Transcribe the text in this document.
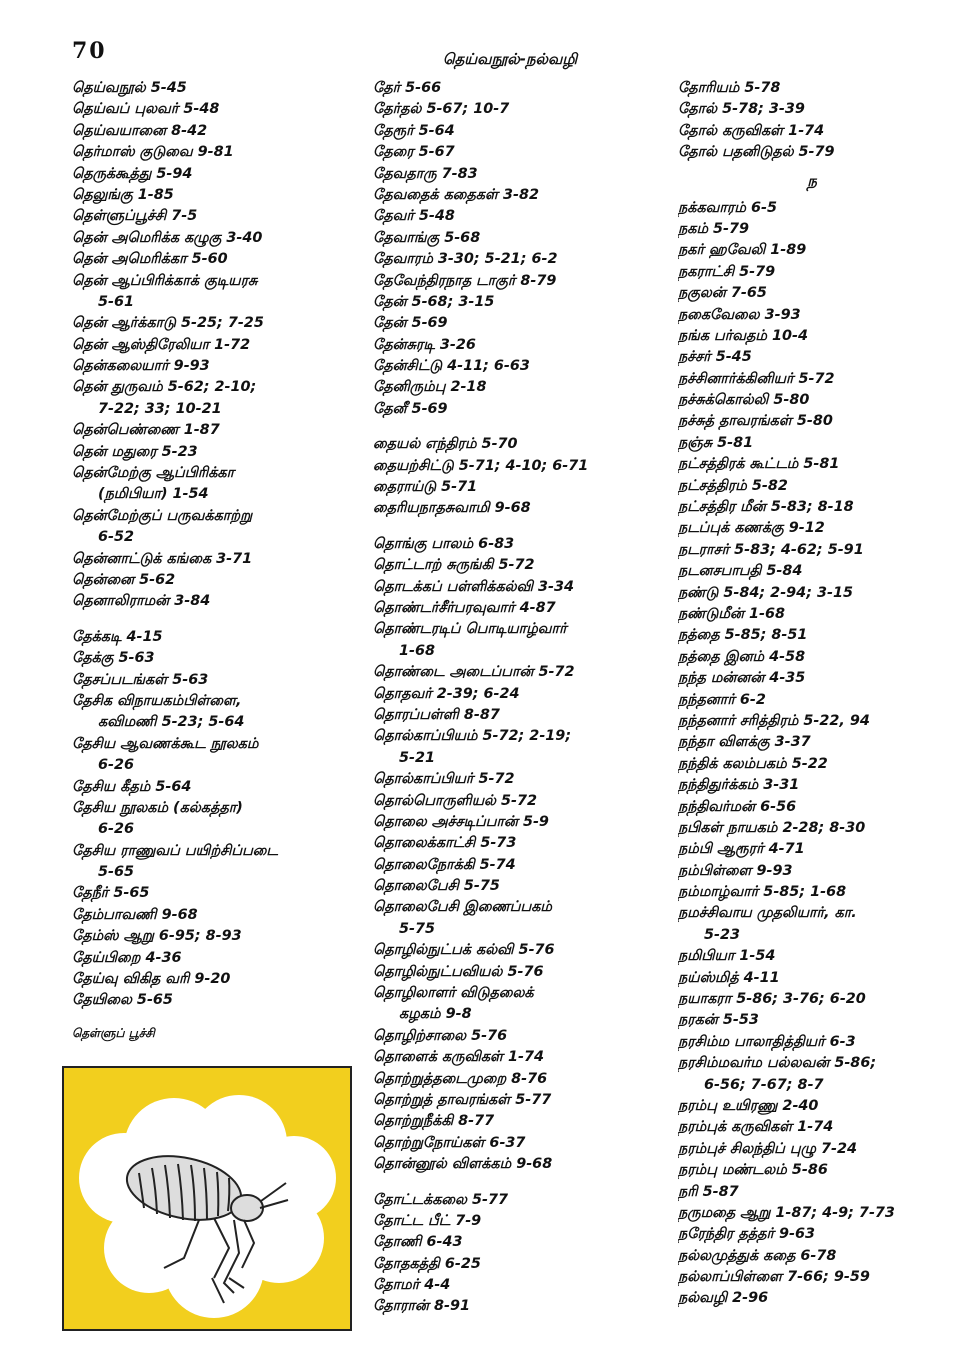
70	தெய்வநூல்-நல்வழி
தெய்வநூல் 5-45
தெய்வப் புலவர் 5-48
தெய்வயானை 8-42
தெர்மாஸ் குடுவை 9-81
தெருக்கூத்து 5-94
தெலுங்கு 1-85
தெள்ளுப்பூச்சி 7-5
தென் அமெரிக்க கழுகு 3-40
தென் அமெரிக்கா 5-60
தென் ஆப்பிரிக்காக் குடியரசு
5-61
தென் ஆர்க்காடு 5-25; 7-25
தென் ஆஸ்திரேலியா 1-72
தென்கலையார் 9-93
தென் துருவம் 5-62; 2-10;
7-22; 33; 10-21
தென்பெண்ணை 1-87
தென் மதுரை 5-23
தென்மேற்கு ஆப்பிரிக்கா
(நமிபியா) 1-54
தென்மேற்குப் பருவக்காற்று
6-52
தென்னாட்டுக் கங்கை 3-71
தென்னை 5-62
தெனாலிராமன் 3-84
தேக்கடி 4-15
தேக்கு 5-63
தேசப்படங்கள் 5-63
தேசிக விநாயகம்பிள்ளை,
கவிமணி 5-23; 5-64
தேசிய ஆவணக்கூட நூலகம்
6-26
தேசிய கீதம் 5-64
தேசிய நூலகம் (கல்கத்தா)
6-26
தேசிய ராணுவப் பயிற்சிப்படை
5-65
தேநீர் 5-65
தேம்பாவணி 9-68
தேம்ஸ் ஆறு 6-95; 8-93
தேய்பிறை 4-36
தேய்வு விகித வரி 9-20
தேயிலை 5-65
தேர் 5-66
தேர்தல் 5-67; 10-7
தேரூர் 5-64
தேரை 5-67
தேவதாரு 7-83
தேவதைக் கதைகள் 3-82
தேவர் 5-48
தேவாங்கு 5-68
தேவாரம் 3-30; 5-21; 6-2
தேவேந்திரநாத டாகுர் 8-79
தேன் 5-68; 3-15
தேன் 5-69
தேன்சுரடி 3-26
தேன்சிட்டு 4-11; 6-63
தேனிரும்பு 2-18
தேனீ 5-69
தையல் எந்திரம் 5-70
தையற்சிட்டு 5-71; 4-10; 6-71
தைராய்டு 5-71
தைரியநாதசுவாமி 9-68
தொங்கு பாலம் 6-83
தொட்டாற் சுருங்கி 5-72
தொடக்கப் பள்ளிக்கல்வி 3-34
தொண்டர்சீர்பரவுவார் 4-87
தொண்டரடிப் பொடியாழ்வார்
1-68
தொண்டை அடைப்பான் 5-72
தொதவர் 2-39; 6-24
தொரப்பள்ளி 8-87
தொல்காப்பியம் 5-72; 2-19;
5-21
தொல்காப்பியர் 5-72
தொல்பொருளியல் 5-72
தொலை அச்சடிப்பான் 5-9
தொலைக்காட்சி 5-73
தொலைநோக்கி 5-74
தொலைபேசி 5-75
தொலைபேசி இணைப்பகம்
5-75
தொழில்நுட்பக் கல்வி 5-76
தொழில்நுட்பவியல் 5-76
தொழிலாளர் விடுதலைக்
கழகம் 9-8
தொழிற்சாலை 5-76
தொளைக் கருவிகள் 1-74
தொற்றுத்தடைமுறை 8-76
தொற்றுத் தாவரங்கள் 5-77
தொற்றுநீக்கி 8-77
தொற்றுநோய்கள் 6-37
தொன்னூல் விளக்கம் 9-68
தோட்டக்கலை 5-77
தோட்ட பீட் 7-9
தோணி 6-43
தோதகத்தி 6-25
தோமர் 4-4
தோரான் 8-91
தோரியம் 5-78
தோல் 5-78; 3-39
தோல் கருவிகள் 1-74
தோல் பதனிடுதல் 5-79
ந
நக்கவாரம் 6-5
நகம் 5-79
நகர் ஹவேலி 1-89
நகராட்சி 5-79
நகுலன் 7-65
நகைவேலை 3-93
நங்க பர்வதம் 10-4
நச்சர் 5-45
நச்சினார்க்கினியர் 5-72
நச்சுக்கொல்லி 5-80
நச்சுத் தாவரங்கள் 5-80
நஞ்சு 5-81
நட்சத்திரக் கூட்டம் 5-81
நட்சத்திரம் 5-82
நட்சத்திர மீன் 5-83; 8-18
நடப்புக் கணக்கு 9-12
நடராசர் 5-83; 4-62; 5-91
நடனசபாபதி 5-84
நண்டு 5-84; 2-94; 3-15
நண்டுமீன் 1-68
நத்தை 5-85; 8-51
நத்தை இனம் 4-58
நந்த மன்னன் 4-35
நந்தனார் 6-2
நந்தனார் சரித்திரம் 5-22, 94
நந்தா விளக்கு 3-37
நந்திக் கலம்பகம் 5-22
நந்திதுர்க்கம் 3-31
நந்திவர்மன் 6-56
நபிகள் நாயகம் 2-28; 8-30
நம்பி ஆரூரர் 4-71
நம்பிள்ளை 9-93
நம்மாழ்வார் 5-85; 1-68
நமச்சிவாய முதலியார், கா.
5-23
நமிபியா 1-54
நய்ஸ்மித் 4-11
நயாகரா 5-86; 3-76; 6-20
நரகன் 5-53
நரசிம்ம பாலாதித்தியர் 6-3
நரசிம்மவர்ம பல்லவன் 5-86;
6-56; 7-67; 8-7
நரம்பு உயிரணு 2-40
நரம்புக் கருவிகள் 1-74
நரம்புச் சிலந்திப் புழு 7-24
நரம்பு மண்டலம் 5-86
நரி 5-87
நருமதை ஆறு 1-87; 4-9; 7-73
நரேந்திர தத்தர் 9-63
நல்லமுத்துக் கதை 6-78
நல்லாப்பிள்ளை 7-66; 9-59
நல்வழி 2-96
தெள்ளுப் பூச்சி
